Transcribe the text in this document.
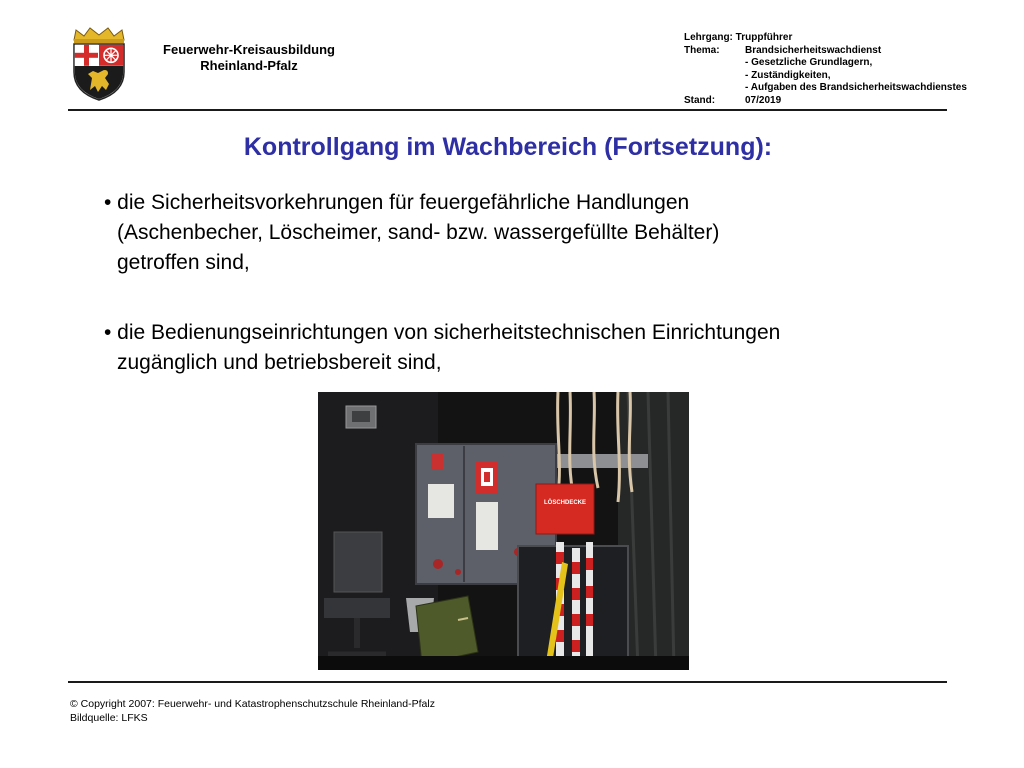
Feuerwehr-Kreisausbildung
Rheinland-Pfalz
Lehrgang:
Truppführer
Thema:	Brandsicherheitswachdienst
- Gesetzliche Grundlagern,
- Zuständigkeiten,
- Aufgaben des Brandsicherheitswachdienstes
Stand:	07/2019
Kontrollgang im Wachbereich (Fortsetzung):
• die Sicherheitsvorkehrungen für feuergefährliche Handlungen
(Aschenbecher, Löscheimer, sand- bzw. wassergefüllte Behälter)
getroffen sind,
• die Bedienungseinrichtungen von sicherheitstechnischen Einrichtungen
zugänglich und betriebsbereit sind,
LÖSCHDECKE
© Copyright 2007: Feuerwehr- und Katastrophenschutzschule Rheinland-Pfalz
Bildquelle: LFKS
